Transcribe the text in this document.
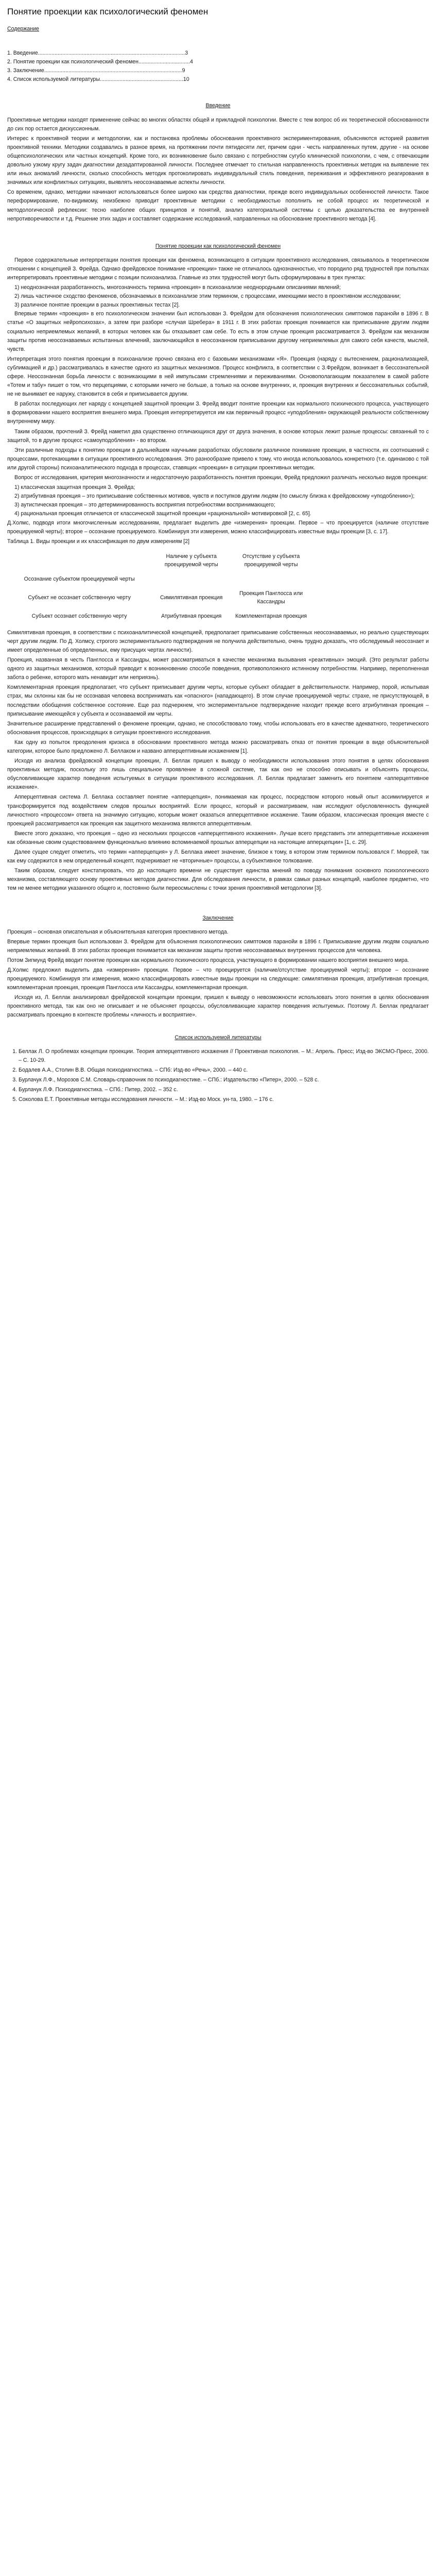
Понятие проекции как психологический феномен

Содержание

1. Введение.................................................................................................3

2. Понятие проекции как психологический феномен..................................4

3. Заключение...........................................................................................9

4. Список используемой литературы.......................................................10

Введение

Проективные методики находят применение сейчас во многих областях общей и прикладной психологии. Вместе с тем вопрос об их теоретической обоснованности до сих пор остается дискуссионным.

Интерес к проективной теории и методологии, как и постановка проблемы обоснования проективного экспериментирования, объясняются историей развития проективной техники. Методики создавались в разное время, на протяжении почти пятидесяти лет, причем одни - честь направленных путем, другие - на основе общепсихологических или частных концепций. Кроме того, их возникновение было связано с потребностям сугубо клинической психологии, с чем, с отвечающим довольно узкому кругу задач диагностики дезадаптированной личности. Последнее отмечает то стильная направленность проективных методик на выявление тех или иных аномалий личности, сколько способность методик протоколировать индивидуальный стиль поведения, переживания и эффективного реагирования в значимых или конфликтных ситуациях, выявлять неосознаваемые аспекты личности.

Со временем, однако, методики начинают использоваться более широко как средства диагностики, прежде всего индивидуальных особенностей личности. Такое переформирование, по-видимому, неизбежно приводит проективные методики с необходимостью пополнить не собой процесс их теоретической и методологической рефлексии: тесно наиболее общих принципов и понятий, анализ категориальной системы с целью доказательства ее внутренней непротиворечивости и т.д. Решение этих задач и составляет содержание исследований, направленных на обоснование проективного метода [4].

Понятие проекции как психологический феномен

Первое содержательные интерпретации понятия проекции как феномена, возникающего в ситуации проективного исследования, связывалось в теоретическом отношении с концепцией З. Фрейда. Однако фрейдовское понимание «проекции» также не отличалось однозначностью, что породило ряд трудностей при попытках интерпретировать проективные методики с позиции психоанализа. Главные из этих трудностей могут быть сформулированы в трех пунктах:

1) неоднозначная разработанность, многозначность термина «проекция» в психоанализе неоднородными описаниями явлений;
2) лишь частичное сходство феноменов, обозначаемых в психоанализе этим термином, с процессами, имеющими место в проективном исследовании;
3) различное понятие проекции в разных проективных тестах [2].

Впервые термин «проекция» в его психологическом значении был использован З. Фрейдом для обозначения психологических симптомов паранойи в 1896 г. В статье «О защитных нейропсихозах», а затем при разборе «случая Шребера» в 1911 г. В этих работах проекция понимается как приписывание другим людям социально неприемлемых желаний, в которых человек как бы отказывает сам себе. То есть в этом случае проекция рассматривается З. Фрейдом как механизм защиты против неосознаваемых испытанных влечений, заключающийся в неосознанном приписывании другому неприемлемых для самого себя качеств, мыслей, чувств.

Интерпретация этого понятия проекции в психоанализе прочно связана его с базовыми механизмами «Я». Проекция (наряду с вытеснением, рационализацией, сублимацией и др.) рассматривалась в качестве одного из защитных механизмов. Процесс конфликта, в соответствии с З.Фрейдом, возникает в бессознательной сфере. Неосознанная борьба личности с возникающими в ней импульсами стремлениями и переживаниями. Основополагающим показателем в самой работе «Тотем и табу» пишет о том, что перцепциями, с которыми ничего не больше, а только на основе внутренних, и, проекция внутренних и бессознательных событий, не не вынимает ее наружу, становится в себя и приписывается другим.

В работах последующих лет наряду с концепцией защитной проекции З. Фрейд вводит понятие проекции как нормального психического процесса, участвующего в формировании нашего восприятия внешнего мира. Проекция интерпретируется им как первичный процесс «уподобления» окружающей реальности собственному внутреннему миру.

Таким образом, прочтений З. Фрейд наметил два существенно отличающихся друг от друга значения, в основе которых лежит разные процессы: связанный то с защитой, то в другие процесс «самоуподобления» - во втором.

Эти различные подходы к понятию проекции в дальнейшем научными разработках обусловили различное понимание проекции, в частности, их соотношений с процессами, протекающими в ситуации проективного исследования. Это разнообразие привело к тому, что иногда использовалось конкретного (т.е. одинаково с той или другой стороны) психоаналитического подхода в процессах, ставящих «проекции» в ситуации проективных методик.

Вопрос от исследования, критерия многозначности и недостаточную разработанность понятия проекции, Фрейд предложил различать несколько видов проекции:

1) классическая защитная проекция З. Фрейда;
2) атрибутивная проекция – это приписывание собственных мотивов, чувств и поступков другим людям (по смыслу близка к фрейдовскому «уподоблению»);
3) аутистическая проекция – это детерминированность восприятия потребностями воспринимающего;
4) рациональная проекция отличается от классической защитной проекции «рациональной» мотивировкой [2, с. 65].

Д.Холмс, подводя итоги многочисленным исследованиям, предлагает выделить две «измерения» проекции. Первое – что проецируется (наличие отсутствие проецируемой черты); второе – осознание проецируемого. Комбинируя эти измерения, можно классифицировать известные виды проекции [3, с. 17].

Таблица 1. Виды проекции и их классификация по двум измерениям [2]

	Наличие у субъекта проецируемой черты	Отсутствие у субъекта проецируемой черты
Осознание субъектом проецируемой черты		
Субъект не осознает собственную черту	Симилятивная проекция	Проекция Панглосса или Кассандры
Субъект осознает собственную черту	Атрибутивная проекция	Комплементарная проекция

Симилятивная проекция, в соответствии с психоаналитической концепцией, предполагает приписывание собственных неосознаваемых, но реально существующих черт другим людям. По Д. Холмсу, строгого экспериментального подтверждения не получила действительно, очень трудно доказать, что обследуемый неосознает и имеет определенные об определенных, ему присущих чертах личности).

Проекция, названная в честь Панглосса и Кассандры, может рассматриваться в качестве механизма вызывания «реактивных» эмоций. (Это результат работы одного из защитных механизмов, который приводит к возникновению способе поведения, противоположного истинному потребностям. Например, переполненная забота о ребенке, которого мать ненавидит или неприязнь).

Комплементарная проекция предполагает, что субъект приписывает другим черты, которые субъект обладает в действительности. Например, порой, испытывая страх, мы склонны как бы не осознавая человека воспринимать как «опасного» (нападающего). В этом случае проецируемой черты: страхе, не присутствующей, в последствии обобщения собственное состояние. Еще раз подчеркнем, что экспериментальное подтверждение находит прежде всего атрибутивная проекция – приписывание имеющейся у субъекта и осознаваемой им черты.

Значительное расширение представлений о феномене проекции, однако, не способствовало тому, чтобы использовать его в качестве адекватного, теоретического обоснования процессов, происходящих в ситуации проективного исследования.

Как одну из попыток преодоления кризиса в обосновании проективного метода можно рассматривать отказ от понятия проекции в виде объяснительной категории, которое было предложено Л. Беллаком и названо апперцептивным искажением [1].

Исходя из анализа фрейдовской концепции проекции, Л. Беллак пришел к выводу о необходимости использования этого понятия в целях обоснования проективных методик, поскольку это лишь специальное проявление в сложной системе, так как оно не способно описывать и объяснять процессы, обусловливающие характер поведения испытуемых в ситуации проективного исследования. Л. Беллак предлагает заменить его понятием «апперцептивное искажение».

Апперцептивная система Л. Беллака составляет понятие «апперцепция», понимаемая как процесс, посредством которого новый опыт ассимилируется и трансформируется под воздействием следов прошлых восприятий. Если процесс, который и рассматриваем, нам исследуют обусловленность функцией личностного «процессом» ответа на значимую ситуацию, которым может оказаться апперцептивное искажение. Таким образом, классическая проекция вместе с проекцией рассматривается как проекция как защитного механизма являются апперцептивным.

Вместе этого доказано, что проекция – одно из нескольких процессов «апперцептивного искажения». Лучше всего представить эти апперцептивные искажения как обязанные своим существованием функционально влиянию вспоминаемой прошлых апперцепции на настоящие апперцепции» [1, с. 29].

Далее сущее следует отметить, что термин «апперцепция» у Л. Беллака имеет значение, близкое к тому, в котором этим термином пользовался Г. Мюррей, так как ему содержится в нем определенный концепт, подчеркивает не «вторичные» процессы, а субъективное толкование.

Таким образом, следует констатировать, что до настоящего времени не существует единства мнений по поводу понимания основного психологического механизма, составляющего основу проективных методов диагностики. Для обследования личности, в рамках самых разных концепций, наиболее предметно, что тем не менее методики указанного общего и, постоянно были переосмыслены с точки зрения проективной методологии [3].

Заключение

Проекция – основная описательная и объяснительная категория проективного метода.

Впервые термин проекция был использован З. Фрейдом для объяснения психологических симптомов паранойи в 1896 г. Приписывание другим людям социально неприемлемых желаний. В этих работах проекция понимается как механизм защиты против неосознаваемых внутренних процессов для человека.

Потом Зигмунд Фрейд вводит понятие проекции как нормального психического процесса, участвующего в формировании нашего восприятия внешнего мира.

Д.Холмс предложил выделить два «измерения» проекции. Первое – что проецируется (наличие/отсутствие проецируемой черты); второе – осознание проецируемого. Комбинируя эти измерения, можно классифицировать известные виды проекции на следующие: симилятивная проекция, атрибутивная проекция, комплементарная проекция, проекция Панглосса или Кассандры, комплементарная проекция.

Исходя из, Л. Беллак анализировал фрейдовской концепции проекции, пришел к выводу о невозможности использовать этого понятия в целях обоснования проективного метода, так как оно не описывает и не объясняет процессы, обусловливающие характер поведения испытуемых. Поэтому Л. Беллак предлагает рассматривать проекцию в контексте проблемы «личность и восприятие».

Список используемой литературы

1. Беллак Л. О проблемах концепции проекции. Теория апперцептивного искажения // Проективная психология. – М.: Апрель. Пресс; Изд-во ЭКСМО-Пресс, 2000. – С. 10-29.
2. Бодалев А.А., Столин В.В. Общая психодиагностика. – СПб: Изд-во «Речь», 2000. – 440 с.
3. Бурлачук Л.Ф., Морозов С.М. Словарь-справочник по психодиагностике. – СПб.: Издательство «Питер», 2000. – 528 с.
4. Бурлачук Л.Ф. Психодиагностика. – СПб.: Питер, 2002. – 352 с.
5. Соколова Е.Т. Проективные методы исследования личности. – М.: Изд-во Моск. ун-та, 1980. – 176 с.
